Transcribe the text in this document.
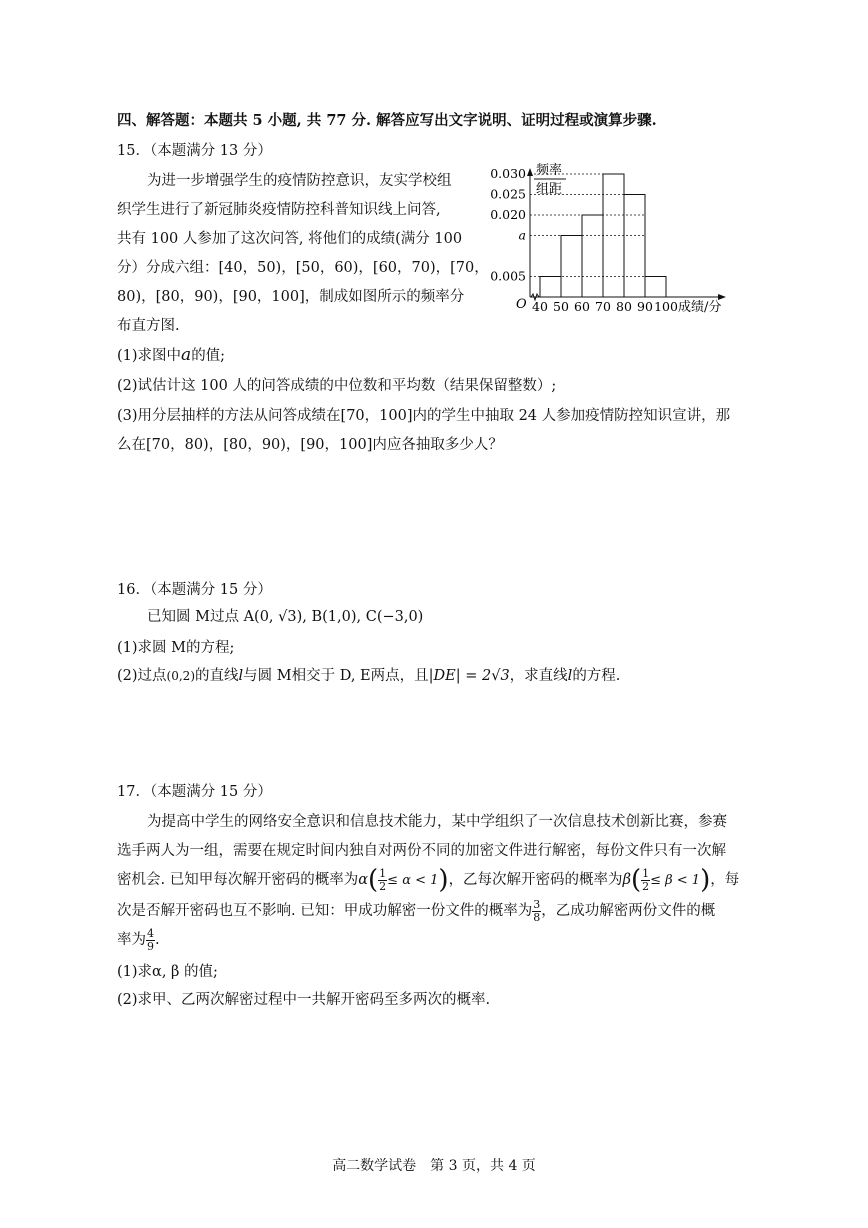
四、解答题：本题共 5 小题, 共 77 分. 解答应写出文字说明、证明过程或演算步骤.
15．（本题满分 13 分）
为进一步增强学生的疫情防控意识，友实学校组
织学生进行了新冠肺炎疫情防控科普知识线上问答,
共有 100 人参加了这次问答, 将他们的成绩(满分 100
分）分成六组：[40，50)，[50，60)，[60，70)，[70，
80)，[80，90)，[90，100]，制成如图所示的频率分
布直方图.
频率
组距
0.005
a
0.020
0.025
0.030
O 40 50 60 70 80 90 100 成绩/分
(1)求图中a的值;
(2)试估计这 100 人的问答成绩的中位数和平均数（结果保留整数）;
(3)用分层抽样的方法从问答成绩在[70，100]内的学生中抽取 24 人参加疫情防控知识宣讲，那
么在[70，80)，[80，90)，[90，100]内应各抽取多少人？
16．（本题满分 15 分）
已知圆 M过点 A(0, √3), B(1,0), C(−3,0)
(1)求圆 M的方程;
(2)过点(0,2)的直线l与圆 M相交于 D, E两点，且|DE| = 2√3，求直线l的方程.
17．（本题满分 15 分）
为提高中学生的网络安全意识和信息技术能力，某中学组织了一次信息技术创新比赛，参赛
选手两人为一组，需要在规定时间内独自对两份不同的加密文件进行解密，每份文件只有一次解
密机会. 已知甲每次解开密码的概率为$\alpha( \frac{1}{2} \le \alpha < 1)$，乙每次解开密码的概率为$\beta( \frac{1}{2} \le \beta < 1)$，每
次是否解开密码也互不影响. 已知：甲成功解密一份文件的概率为 $\frac{3}{8}$ ，乙成功解密两份文件的概
率为 $\frac{4}{9}$ .
(1)求α, β 的值;
(2)求甲、乙两次解密过程中一共解开密码至多两次的概率.
高二数学试卷　第 3 页，共 4 页
